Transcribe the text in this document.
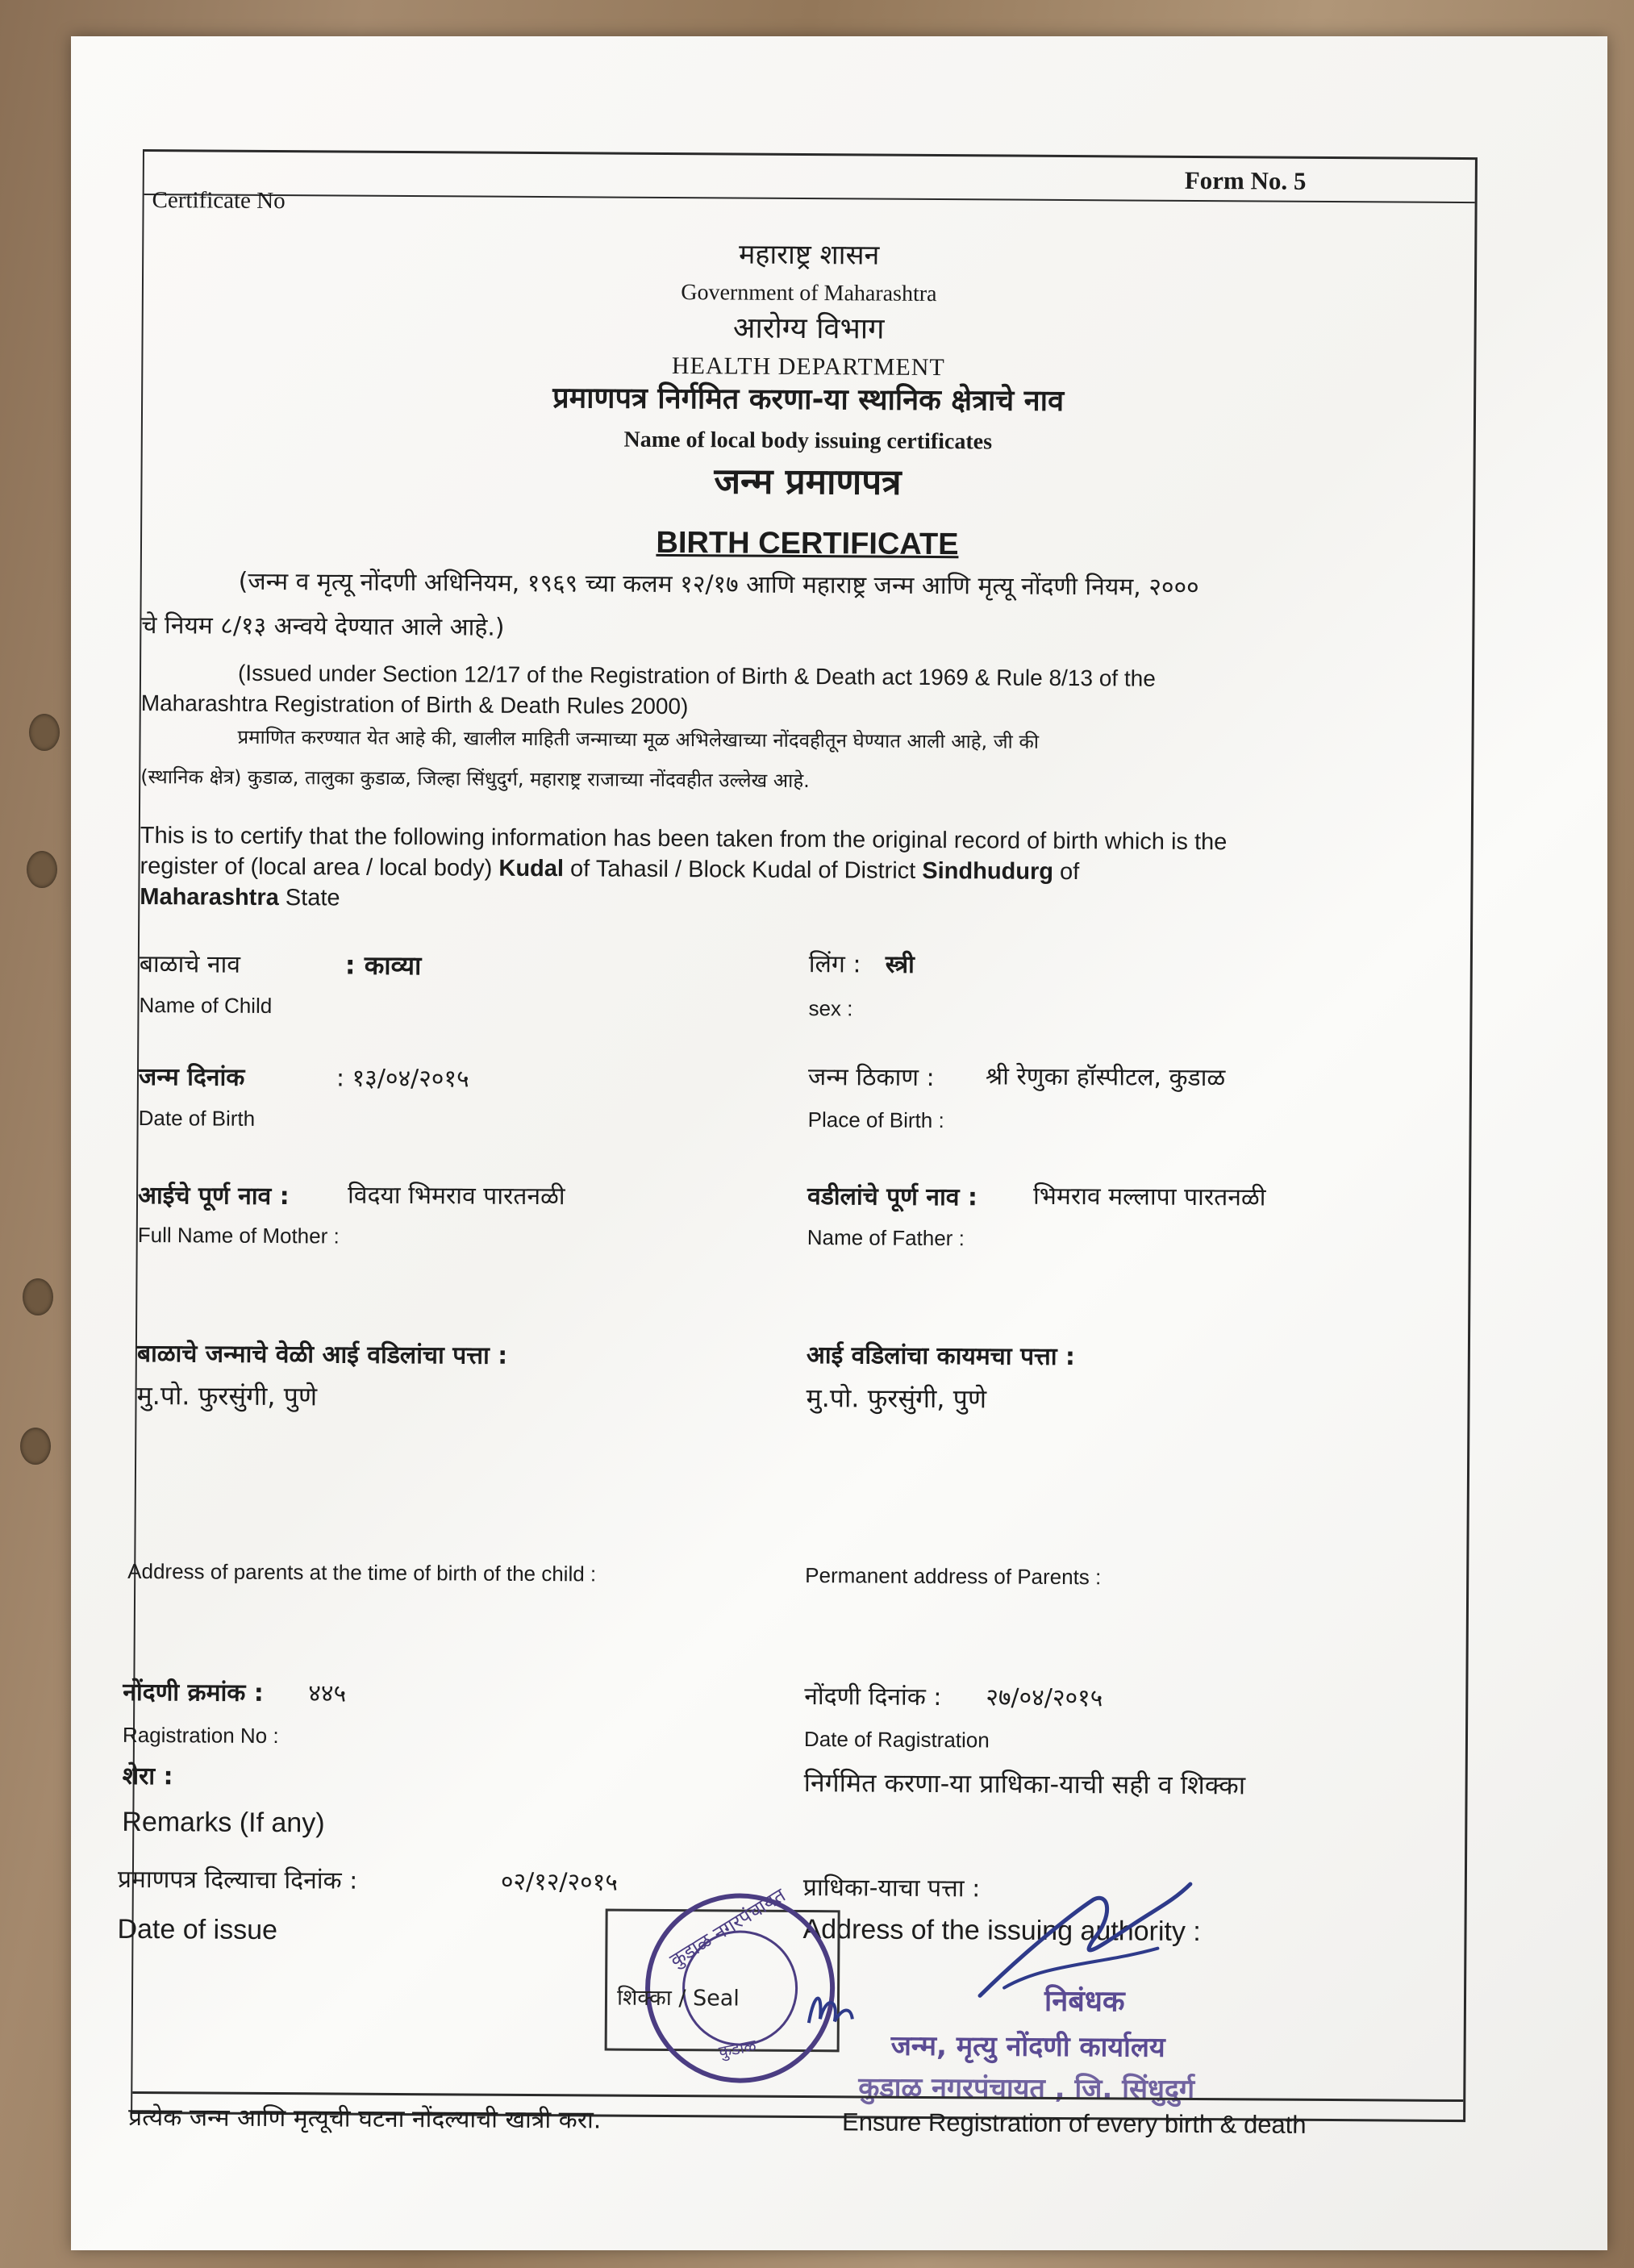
Certificate No
Form No. 5
महाराष्ट्र शासन
Government of Maharashtra
आरोग्य विभाग
HEALTH DEPARTMENT
प्रमाणपत्र निर्गमित करणा-या स्थानिक क्षेत्राचे नाव
Name of local body issuing certificates
जन्म प्रमाणपत्र
BIRTH CERTIFICATE
(जन्म व मृत्यू नोंदणी अधिनियम, १९६९ च्या कलम १२/१७ आणि महाराष्ट्र जन्म आणि मृत्यू नोंदणी नियम, २०००
चे नियम ८/१३ अन्वये देण्यात आले आहे.)
(Issued under Section 12/17 of the Registration of Birth & Death act 1969 & Rule 8/13 of the
Maharashtra Registration of Birth & Death Rules 2000)
प्रमाणित करण्यात येत आहे की, खालील माहिती जन्माच्या मूळ अभिलेखाच्या नोंदवहीतून घेण्यात आली आहे, जी की
(स्थानिक क्षेत्र) कुडाळ, तालुका कुडाळ, जिल्हा सिंधुदुर्ग, महाराष्ट्र राजाच्या नोंदवहीत उल्लेख आहे.
This is to certify that the following information has been taken from the original record of birth which is the
register of (local area / local body) Kudal of Tahasil / Block Kudal of District Sindhudurg of
Maharashtra State
बाळाचे नाव	: काव्या
Name of Child
लिंग : स्त्री
sex :
जन्म दिनांक	: १३/०४/२०१५
Date of Birth
जन्म ठिकाण : श्री रेणुका हॉस्पीटल, कुडाळ
Place of Birth :
आईचे पूर्ण नाव : विदया भिमराव पारतनळी
Full Name of Mother :
वडीलांचे पूर्ण नाव : भिमराव मल्लापा पारतनळी
Name of Father :
बाळाचे जन्माचे वेळी आई वडिलांचा पत्ता :
मु.पो. फुरसुंगी, पुणे
Address of parents at the time of birth of the child :
आई वडिलांचा कायमचा पत्ता :
मु.पो. फुरसुंगी, पुणे
Permanent address of Parents :
नोंदणी क्रमांक : ४४५
Ragistration No :
नोंदणी दिनांक : २७/०४/२०१५
Date of Ragistration
शेरा :
Remarks (If any)
निर्गमित करणा-या प्राधिका-याची सही व शिक्का
प्रमाणपत्र दिल्याचा दिनांक :	०२/१२/२०१५
Date of issue
प्राधिका-याचा पत्ता :
Address of the issuing authority :
कुडाळ नगरपंचायत
कुडाळ
शिक्का / Seal	निबंधक
जन्म, मृत्यु नोंदणी कार्यालय
कुडाळ नगरपंचायत , जि. सिंधुदुर्ग
प्रत्येक जन्म आणि मृत्यूची घटना नोंदल्याची खात्री करा.	Ensure Registration of every birth & death
